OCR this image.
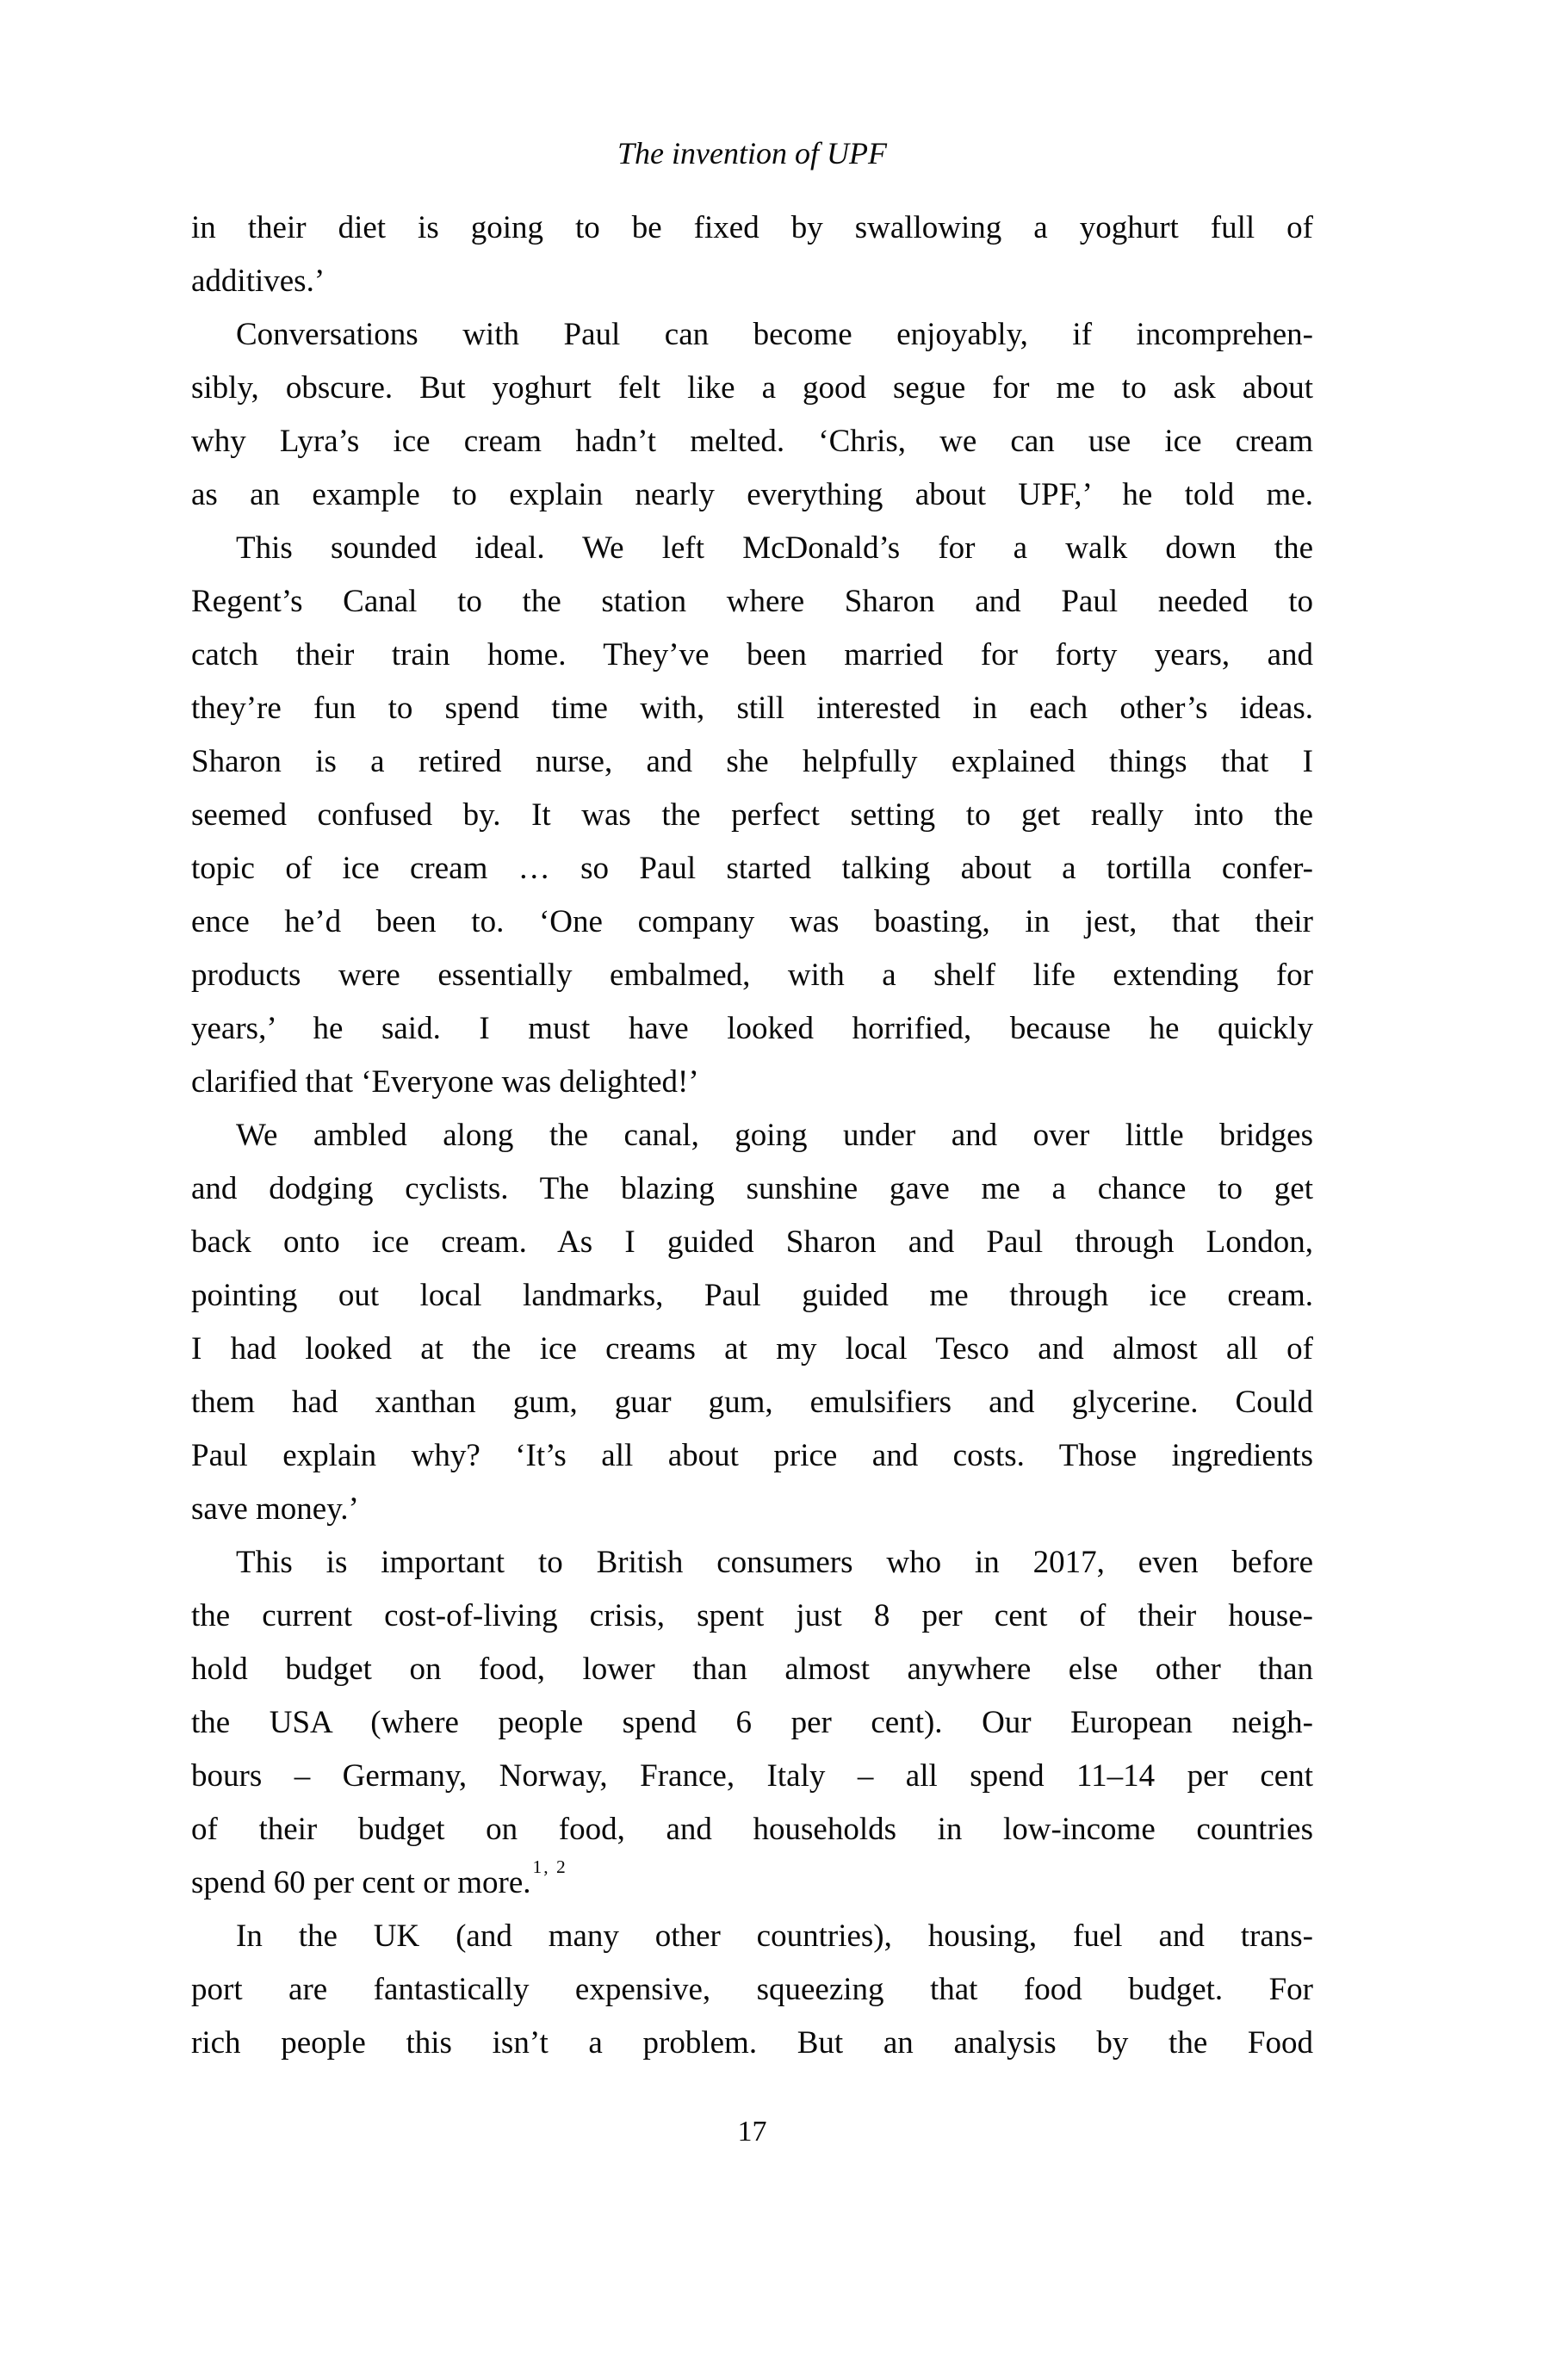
The invention of UPF
in their diet is going to be fixed by swallowing a yoghurt full of
additives.’
Conversations with Paul can become enjoyably, if incomprehen-
sibly, obscure. But yoghurt felt like a good segue for me to ask about
why Lyra’s ice cream hadn’t melted. ‘Chris, we can use ice cream
as an example to explain nearly everything about UPF,’ he told me.
This sounded ideal. We left McDonald’s for a walk down the
Regent’s Canal to the station where Sharon and Paul needed to
catch their train home. They’ve been married for forty years, and
they’re fun to spend time with, still interested in each other’s ideas.
Sharon is a retired nurse, and she helpfully explained things that I
seemed confused by. It was the perfect setting to get really into the
topic of ice cream … so Paul started talking about a tortilla confer-
ence he’d been to. ‘One company was boasting, in jest, that their
products were essentially embalmed, with a shelf life extending for
years,’ he said. I must have looked horrified, because he quickly
clarified that ‘Everyone was delighted!’
We ambled along the canal, going under and over little bridges
and dodging cyclists. The blazing sunshine gave me a chance to get
back onto ice cream. As I guided Sharon and Paul through London,
pointing out local landmarks, Paul guided me through ice cream.
I had looked at the ice creams at my local Tesco and almost all of
them had xanthan gum, guar gum, emulsifiers and glycerine. Could
Paul explain why? ‘It’s all about price and costs. Those ingredients
save money.’
This is important to British consumers who in 2017, even before
the current cost-of-living crisis, spent just 8 per cent of their house-
hold budget on food, lower than almost anywhere else other than
the USA (where people spend 6 per cent). Our European neigh-
bours – Germany, Norway, France, Italy – all spend 11–14 per cent
of their budget on food, and households in low-income countries
spend 60 per cent or more.$^{1, 2}$
In the UK (and many other countries), housing, fuel and trans-
port are fantastically expensive, squeezing that food budget. For
rich people this isn’t a problem. But an analysis by the Food
17
